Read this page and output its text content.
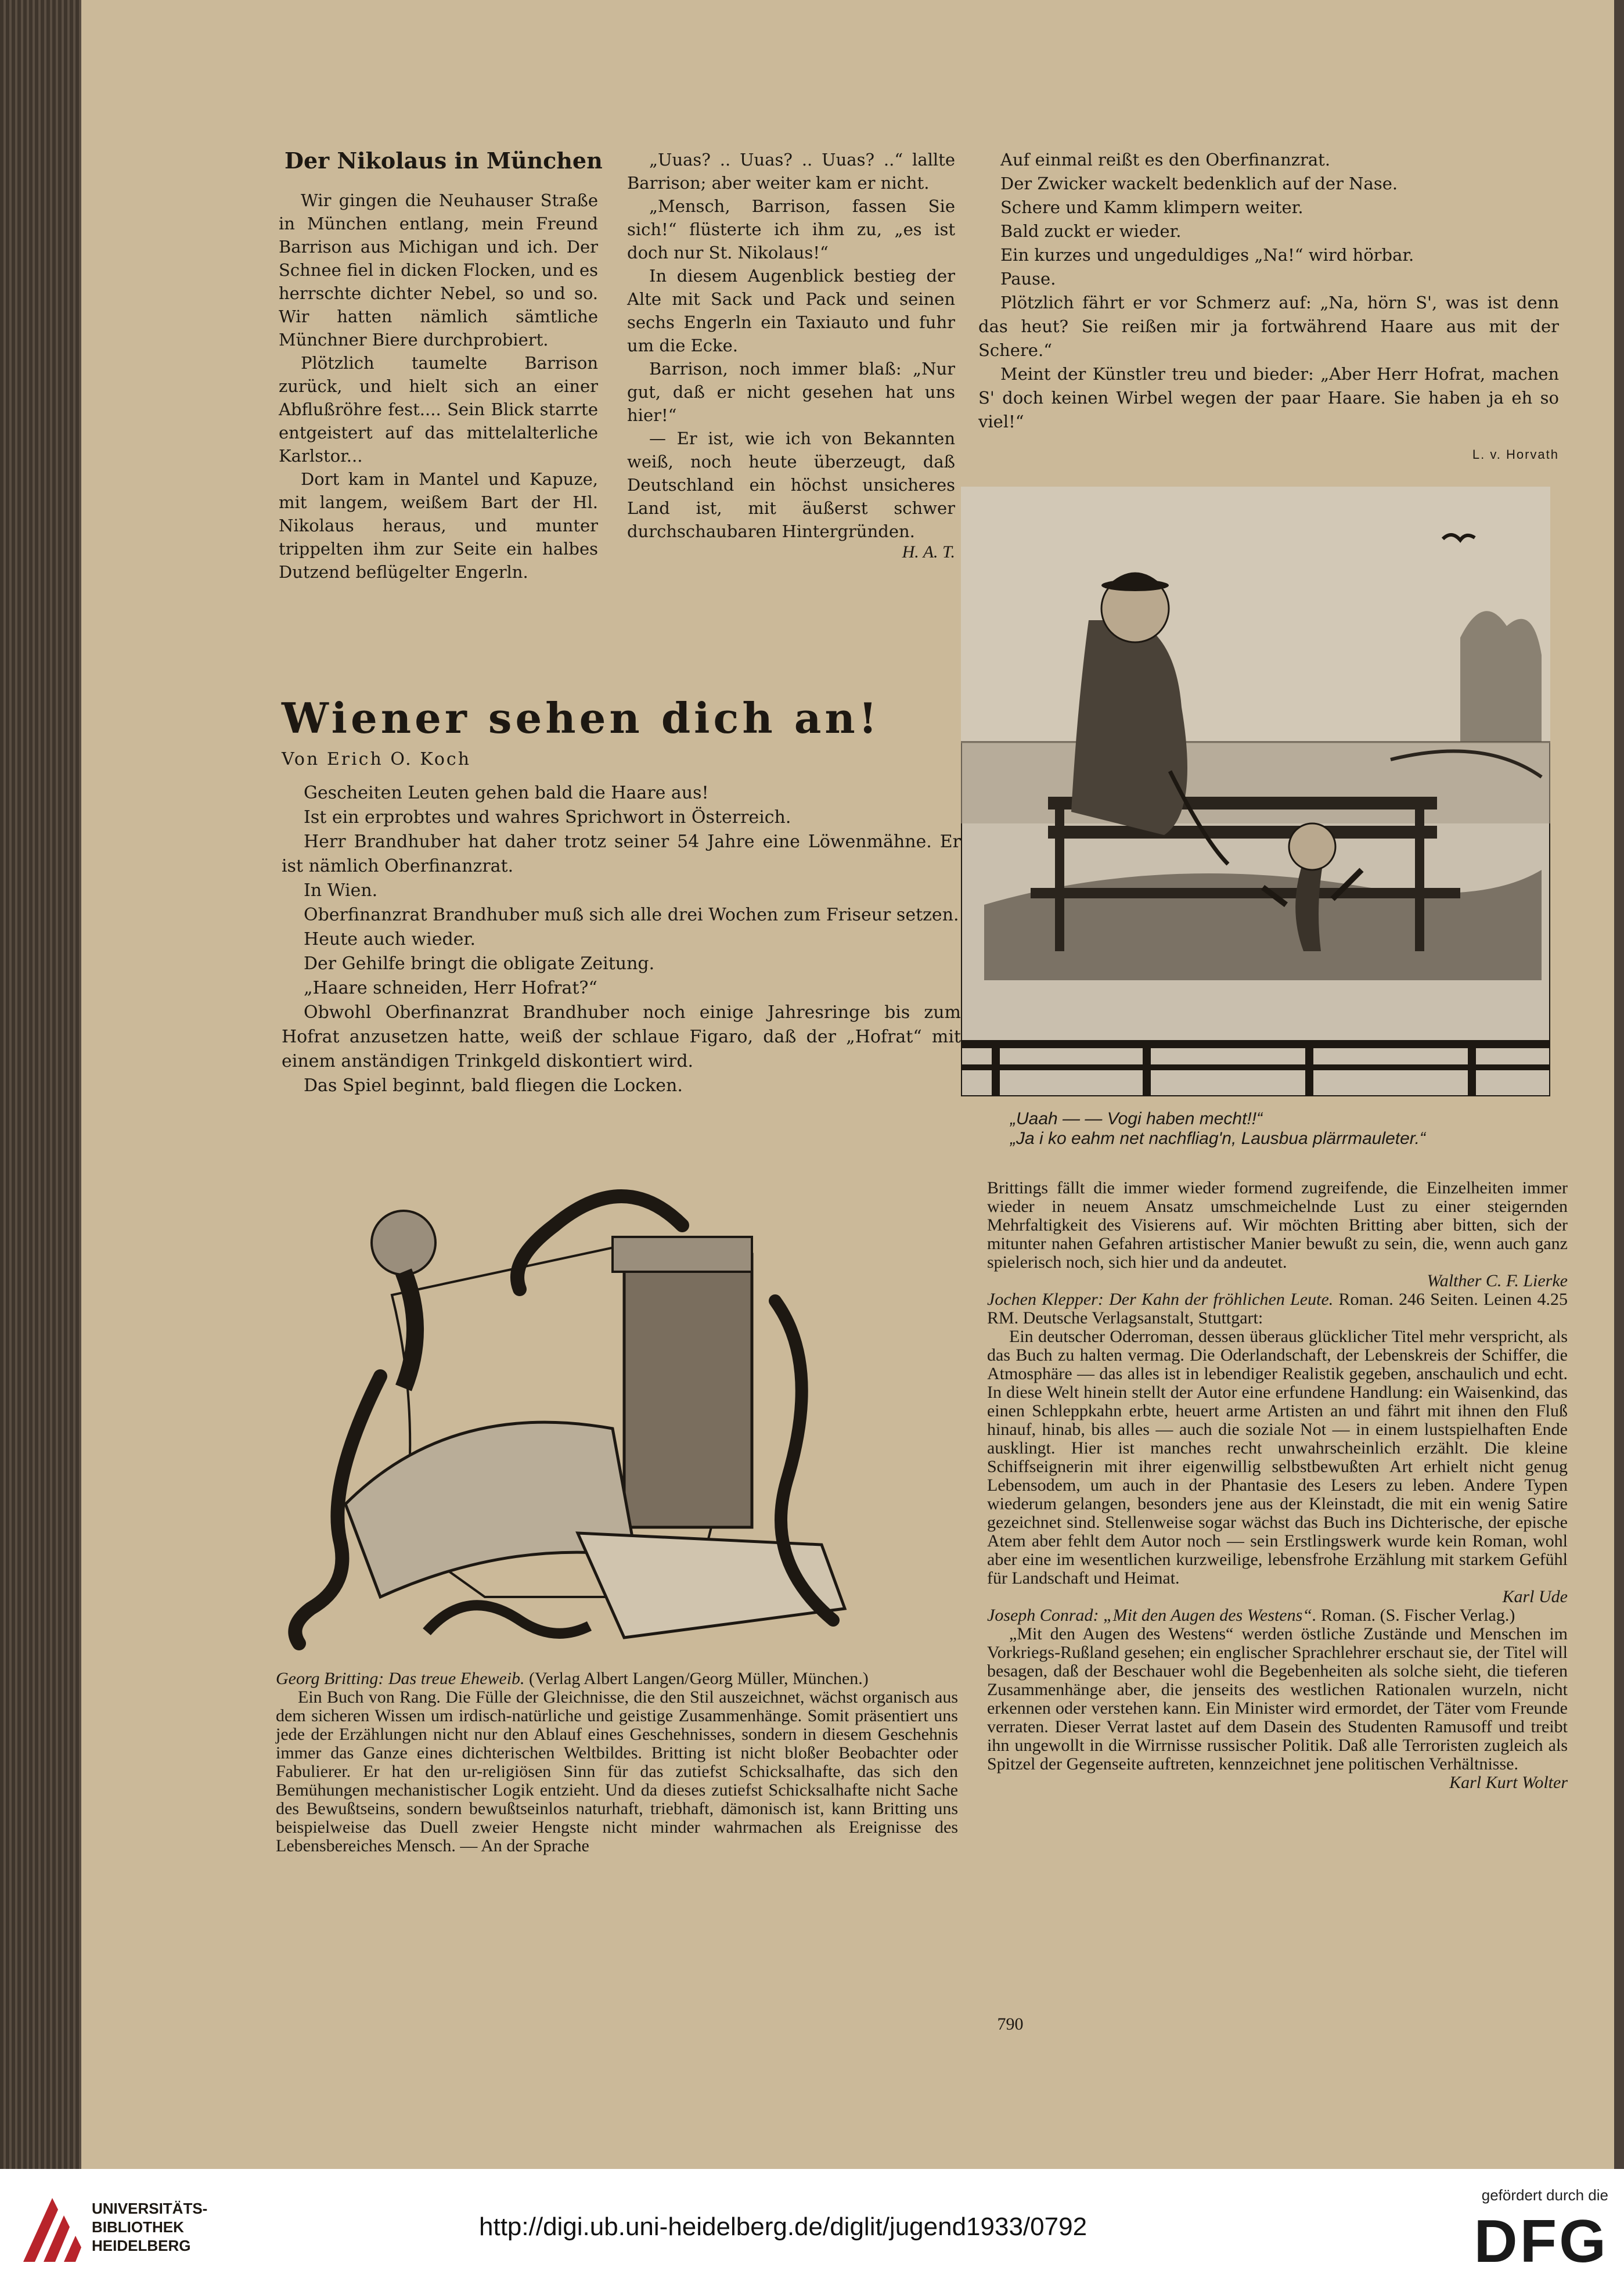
Der Nikolaus in München

Wir gingen die Neuhauser Straße in München entlang, mein Freund Barrison aus Michigan und ich. Der Schnee fiel in dicken Flocken, und es herrschte dichter Nebel, so und so. Wir hatten nämlich sämtliche Münchner Biere durchprobiert.

Plötzlich taumelte Barrison zurück, und hielt sich an einer Abflußröhre fest.... Sein Blick starrte entgeistert auf das mittelalterliche Karlstor...

Dort kam in Mantel und Kapuze, mit langem, weißem Bart der Hl. Nikolaus heraus, und munter trippelten ihm zur Seite ein halbes Dutzend beflügelter Engerln.

„Uuas? .. Uuas? .. Uuas? ..“ lallte Barrison; aber weiter kam er nicht.

„Mensch, Barrison, fassen Sie sich!“ flüsterte ich ihm zu, „es ist doch nur St. Nikolaus!“

In diesem Augenblick bestieg der Alte mit Sack und Pack und seinen sechs Engerln ein Taxiauto und fuhr um die Ecke.

Barrison, noch immer blaß: „Nur gut, daß er nicht gesehen hat uns hier!“

— Er ist, wie ich von Bekannten weiß, noch heute überzeugt, daß Deutschland ein höchst unsicheres Land ist, mit äußerst schwer durchschaubaren Hintergründen.

H. A. T.

Wiener sehen dich an!
Von Erich O. Koch

Gescheiten Leuten gehen bald die Haare aus!

Ist ein erprobtes und wahres Sprichwort in Österreich.

Herr Brandhuber hat daher trotz seiner 54 Jahre eine Löwenmähne. Er ist nämlich Oberfinanzrat.

In Wien.

Oberfinanzrat Brandhuber muß sich alle drei Wochen zum Friseur setzen.

Heute auch wieder.

Der Gehilfe bringt die obligate Zeitung.

„Haare schneiden, Herr Hofrat?“

Obwohl Oberfinanzrat Brandhuber noch einige Jahresringe bis zum Hofrat anzusetzen hatte, weiß der schlaue Figaro, daß der „Hofrat“ mit einem anständigen Trinkgeld diskontiert wird.

Das Spiel beginnt, bald fliegen die Locken.

Auf einmal reißt es den Oberfinanzrat.

Der Zwicker wackelt bedenklich auf der Nase.

Schere und Kamm klimpern weiter.

Bald zuckt er wieder.

Ein kurzes und ungeduldiges „Na!“ wird hörbar.

Pause.

Plötzlich fährt er vor Schmerz auf: „Na, hörn S', was ist denn das heut? Sie reißen mir ja fortwährend Haare aus mit der Schere.“

Meint der Künstler treu und bieder: „Aber Herr Hofrat, machen S' doch keinen Wirbel wegen der paar Haare. Sie haben ja eh so viel!“

L. v. Horvath

„Uaah — — Vogi haben mecht!!“

„Ja i ko eahm net nachfliag'n, Lausbua plärrmauleter.“

Georg Britting: Das treue Eheweib. (Verlag Albert Langen/Georg Müller, München.)

Ein Buch von Rang. Die Fülle der Gleichnisse, die den Stil auszeichnet, wächst organisch aus dem sicheren Wissen um irdisch-natürliche und geistige Zusammenhänge. Somit präsentiert uns jede der Erzählungen nicht nur den Ablauf eines Geschehnisses, sondern in diesem Geschehnis immer das Ganze eines dichterischen Weltbildes. Britting ist nicht bloßer Beobachter oder Fabulierer. Er hat den ur-religiösen Sinn für das zutiefst Schicksalhafte, das sich den Bemühungen mechanistischer Logik entzieht. Und da dieses zutiefst Schicksalhafte nicht Sache des Bewußtseins, sondern bewußtseinlos naturhaft, triebhaft, dämonisch ist, kann Britting uns beispielweise das Duell zweier Hengste nicht minder wahrmachen als Ereignisse des Lebensbereiches Mensch. — An der Sprache

Brittings fällt die immer wieder formend zugreifende, die Einzelheiten immer wieder in neuem Ansatz umschmeichelnde Lust zu einer steigernden Mehrfaltigkeit des Visierens auf. Wir möchten Britting aber bitten, sich der mitunter nahen Gefahren artistischer Manier bewußt zu sein, die, wenn auch ganz spielerisch noch, sich hier und da andeutet.

Walther C. F. Lierke

Jochen Klepper: Der Kahn der fröhlichen Leute. Roman. 246 Seiten. Leinen 4.25 RM. Deutsche Verlagsanstalt, Stuttgart:

Ein deutscher Oderroman, dessen überaus glücklicher Titel mehr verspricht, als das Buch zu halten vermag. Die Oderlandschaft, der Lebenskreis der Schiffer, die Atmosphäre — das alles ist in lebendiger Realistik gegeben, anschaulich und echt. In diese Welt hinein stellt der Autor eine erfundene Handlung: ein Waisenkind, das einen Schleppkahn erbte, heuert arme Artisten an und fährt mit ihnen den Fluß hinauf, hinab, bis alles — auch die soziale Not — in einem lustspielhaften Ende ausklingt. Hier ist manches recht unwahrscheinlich erzählt. Die kleine Schiffseignerin mit ihrer eigenwillig selbstbewußten Art erhielt nicht genug Lebensodem, um auch in der Phantasie des Lesers zu leben. Andere Typen wiederum gelangen, besonders jene aus der Kleinstadt, die mit ein wenig Satire gezeichnet sind. Stellenweise sogar wächst das Buch ins Dichterische, der epische Atem aber fehlt dem Autor noch — sein Erstlingswerk wurde kein Roman, wohl aber eine im wesentlichen kurzweilige, lebensfrohe Erzählung mit starkem Gefühl für Landschaft und Heimat.

Karl Ude

Joseph Conrad: „Mit den Augen des Westens“. Roman. (S. Fischer Verlag.)

„Mit den Augen des Westens“ werden östliche Zustände und Menschen im Vorkriegs-Rußland gesehen; ein englischer Sprachlehrer erschaut sie, der Titel will besagen, daß der Beschauer wohl die Begebenheiten als solche sieht, die tieferen Zusammenhänge aber, die jenseits des westlichen Rationalen wurzeln, nicht erkennen oder verstehen kann. Ein Minister wird ermordet, der Täter vom Freunde verraten. Dieser Verrat lastet auf dem Dasein des Studenten Ramusoff und treibt ihn ungewollt in die Wirrnisse russischer Politik. Daß alle Terroristen zugleich als Spitzel der Gegenseite auftreten, kennzeichnet jene politischen Verhältnisse.

Karl Kurt Wolter

790
UNIVERSITÄTS-
BIBLIOTHEK
HEIDELBERG
http://digi.ub.uni-heidelberg.de/diglit/jugend1933/0792
gefördert durch die
DFG
